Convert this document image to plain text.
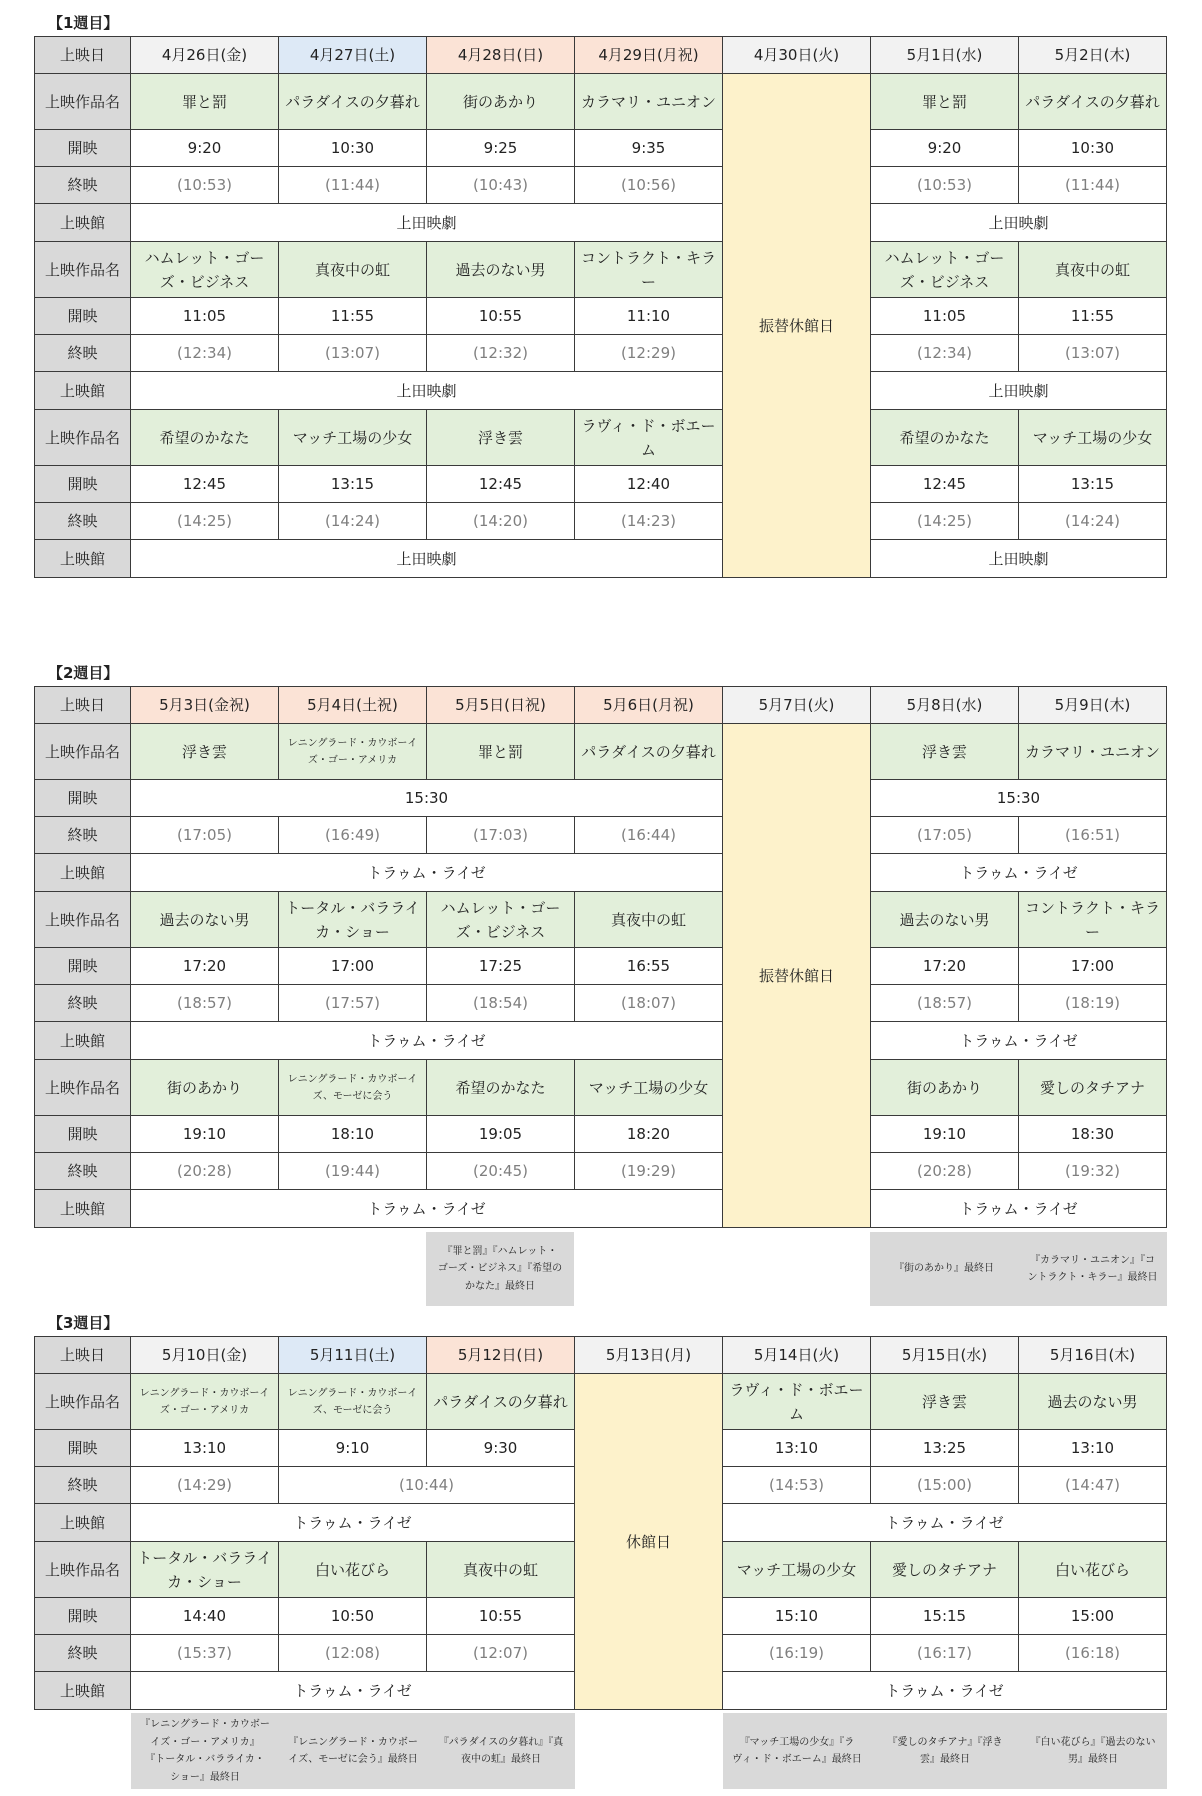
【1週目】
上映日	4月26日(金)	4月27日(土)	4月28日(日)	4月29日(月祝)	4月30日(火)	5月1日(水)	5月2日(木)
上映作品名	罪と罰	パラダイスの夕暮れ	街のあかり	カラマリ・ユニオン	振替休館日	罪と罰	パラダイスの夕暮れ
開映	9:20	10:30	9:25	9:35		9:20	10:30
終映	(10:53)	(11:44)	(10:43)	(10:56)		(10:53)	(11:44)
上映館	上田映劇					上田映劇	
上映作品名	ハムレット・ゴーズ・ビジネス	真夜中の虹	過去のない男	コントラクト・キラー		ハムレット・ゴーズ・ビジネス	真夜中の虹
開映	11:05	11:55	10:55	11:10		11:05	11:55
終映	(12:34)	(13:07)	(12:32)	(12:29)		(12:34)	(13:07)
上映館	上田映劇					上田映劇	
上映作品名	希望のかなた	マッチ工場の少女	浮き雲	ラヴィ・ド・ボエーム		希望のかなた	マッチ工場の少女
開映	12:45	13:15	12:45	12:40		12:45	13:15
終映	(14:25)	(14:24)	(14:20)	(14:23)		(14:25)	(14:24)
上映館	上田映劇					上田映劇	
【2週目】
上映日	5月3日(金祝)	5月4日(土祝)	5月5日(日祝)	5月6日(月祝)	5月7日(火)	5月8日(水)	5月9日(木)
上映作品名	浮き雲	レニングラード・カウボーイズ・ゴー・アメリカ	罪と罰	パラダイスの夕暮れ	振替休館日	浮き雲	カラマリ・ユニオン
開映	15:30					15:30	
終映	(17:05)	(16:49)	(17:03)	(16:44)		(17:05)	(16:51)
上映館	トラゥム・ライゼ					トラゥム・ライゼ	
上映作品名	過去のない男	トータル・バラライカ・ショー	ハムレット・ゴーズ・ビジネス	真夜中の虹		過去のない男	コントラクト・キラー
開映	17:20	17:00	17:25	16:55		17:20	17:00
終映	(18:57)	(17:57)	(18:54)	(18:07)		(18:57)	(18:19)
上映館	トラゥム・ライゼ					トラゥム・ライゼ	
上映作品名	街のあかり	レニングラード・カウボーイズ、モーゼに会う	希望のかなた	マッチ工場の少女		街のあかり	愛しのタチアナ
開映	19:10	18:10	19:05	18:20		19:10	18:30
終映	(20:28)	(19:44)	(20:45)	(19:29)		(20:28)	(19:32)
上映館	トラゥム・ライゼ					トラゥム・ライゼ	
『罪と罰』『ハムレット・
ゴーズ・ビジネス』『希望の
かなた』最終日
『街のあかり』最終日
『カラマリ・ユニオン』『コ
ントラクト・キラー』最終日
【3週目】
上映日	5月10日(金)	5月11日(土)	5月12日(日)	5月13日(月)	5月14日(火)	5月15日(水)	5月16日(木)
上映作品名	レニングラード・カウボーイズ・ゴー・アメリカ	レニングラード・カウボーイズ、モーゼに会う	パラダイスの夕暮れ	休館日	ラヴィ・ド・ボエーム	浮き雲	過去のない男
開映	13:10	9:10	9:30		13:10	13:25	13:10
終映	(14:29)	(10:44)			(14:53)	(15:00)	(14:47)
上映館	トラゥム・ライゼ				トラゥム・ライゼ		
上映作品名	トータル・バラライカ・ショー	白い花びら	真夜中の虹		マッチ工場の少女	愛しのタチアナ	白い花びら
開映	14:40	10:50	10:55		15:10	15:15	15:00
終映	(15:37)	(12:08)	(12:07)		(16:19)	(16:17)	(16:18)
上映館	トラゥム・ライゼ				トラゥム・ライゼ		
『レニングラード・カウボー
イズ・ゴー・アメリカ』
『トータル・バラライカ・
ショー』最終日
『レニングラード・カウボー
イズ、モーゼに会う』最終日
『パラダイスの夕暮れ』『真
夜中の虹』最終日
『マッチ工場の少女』『ラ
ヴィ・ド・ボエーム』最終日
『愛しのタチアナ』『浮き
雲』最終日
『白い花びら』『過去のない
男』最終日
